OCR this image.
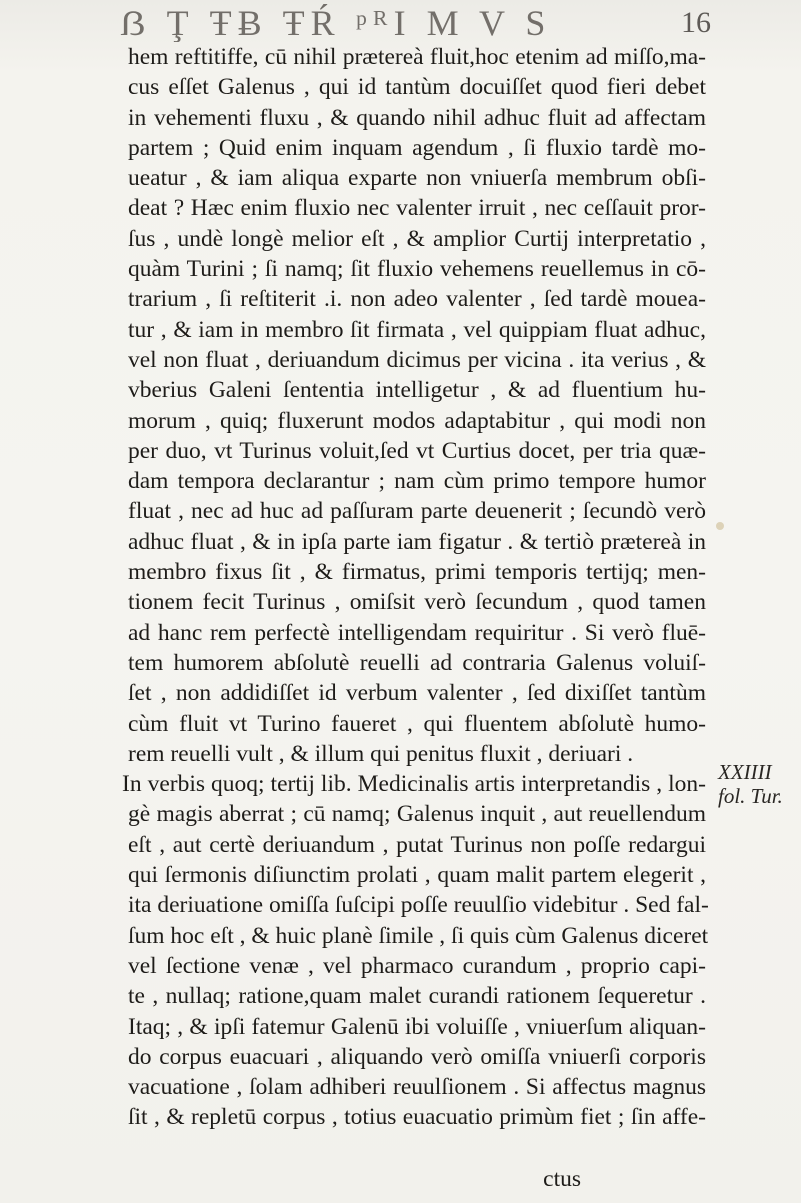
ẞ Ţ ŦɃ ŦŔ ᵖᴿI M V S	16
hem reftitiffe, cū nihil prætereà fluit,hoc etenim ad miſſo,ma-
cus eſſet Galenus , qui id tantùm docuiſſet quod fieri debet
in vehementi fluxu , & quando nihil adhuc fluit ad affectam
partem ; Quid enim inquam agendum , ſi fluxio tardè mo-
ueatur , & iam aliqua exparte non vniuerſa membrum obſi-
deat ? Hæc enim fluxio nec valenter irruit , nec ceſſauit pror-
ſus , undè longè melior eſt , & amplior Curtij interpretatio ,
quàm Turini ; ſi namq; ſit fluxio vehemens reuellemus in cō-
trarium , ſi reſtiterit .i. non adeo valenter , ſed tardè mouea-
tur , & iam in membro ſit firmata , vel quippiam fluat adhuc,
vel non fluat , deriuandum dicimus per vicina . ita verius , &
vberius Galeni ſententia intelligetur , & ad fluentium hu-
morum , quiq; fluxerunt modos adaptabitur , qui modi non
per duo, vt Turinus voluit,ſed vt Curtius docet, per tria quæ-
dam tempora declarantur ; nam cùm primo tempore humor
fluat , nec ad huc ad paſſuram parte deuenerit ; ſecundò verò
adhuc fluat , & in ipſa parte iam figatur . & tertiò prætereà in
membro fixus ſit , & firmatus, primi temporis tertijq; men-
tionem fecit Turinus , omiſsit verò ſecundum , quod tamen
ad hanc rem perfectè intelligendam requiritur . Si verò fluē-
tem humorem abſolutè reuelli ad contraria Galenus voluiſ-
ſet , non addidiſſet id verbum valenter , ſed dixiſſet tantùm
cùm fluit vt Turino faueret , qui fluentem abſolutè humo-
rem reuelli vult , & illum qui penitus fluxit , deriuari .
In verbis quoq; tertij lib. Medicinalis artis interpretandis , lon-
gè magis aberrat ; cū namq; Galenus inquit , aut reuellendum
eſt , aut certè deriuandum , putat Turinus non poſſe redargui
qui ſermonis diſiunctim prolati , quam malit partem elegerit ,
ita deriuatione omiſſa ſuſcipi poſſe reuulſio videbitur . Sed fal-
ſum hoc eſt , & huic planè ſimile , ſi quis cùm Galenus diceret
vel ſectione venæ , vel pharmaco curandum , proprio capi-
te , nullaq; ratione,quam malet curandi rationem ſequeretur .
Itaq; , & ipſi fatemur Galenū ibi voluiſſe , vniuerſum aliquan-
do corpus euacuari , aliquando verò omiſſa vniuerſi corporis
vacuatione , ſolam adhiberi reuulſionem . Si affectus magnus
ſit , & repletū corpus , totius euacuatio primùm fiet ; ſin affe-
ctus
XXIIII
fol. Tur.
